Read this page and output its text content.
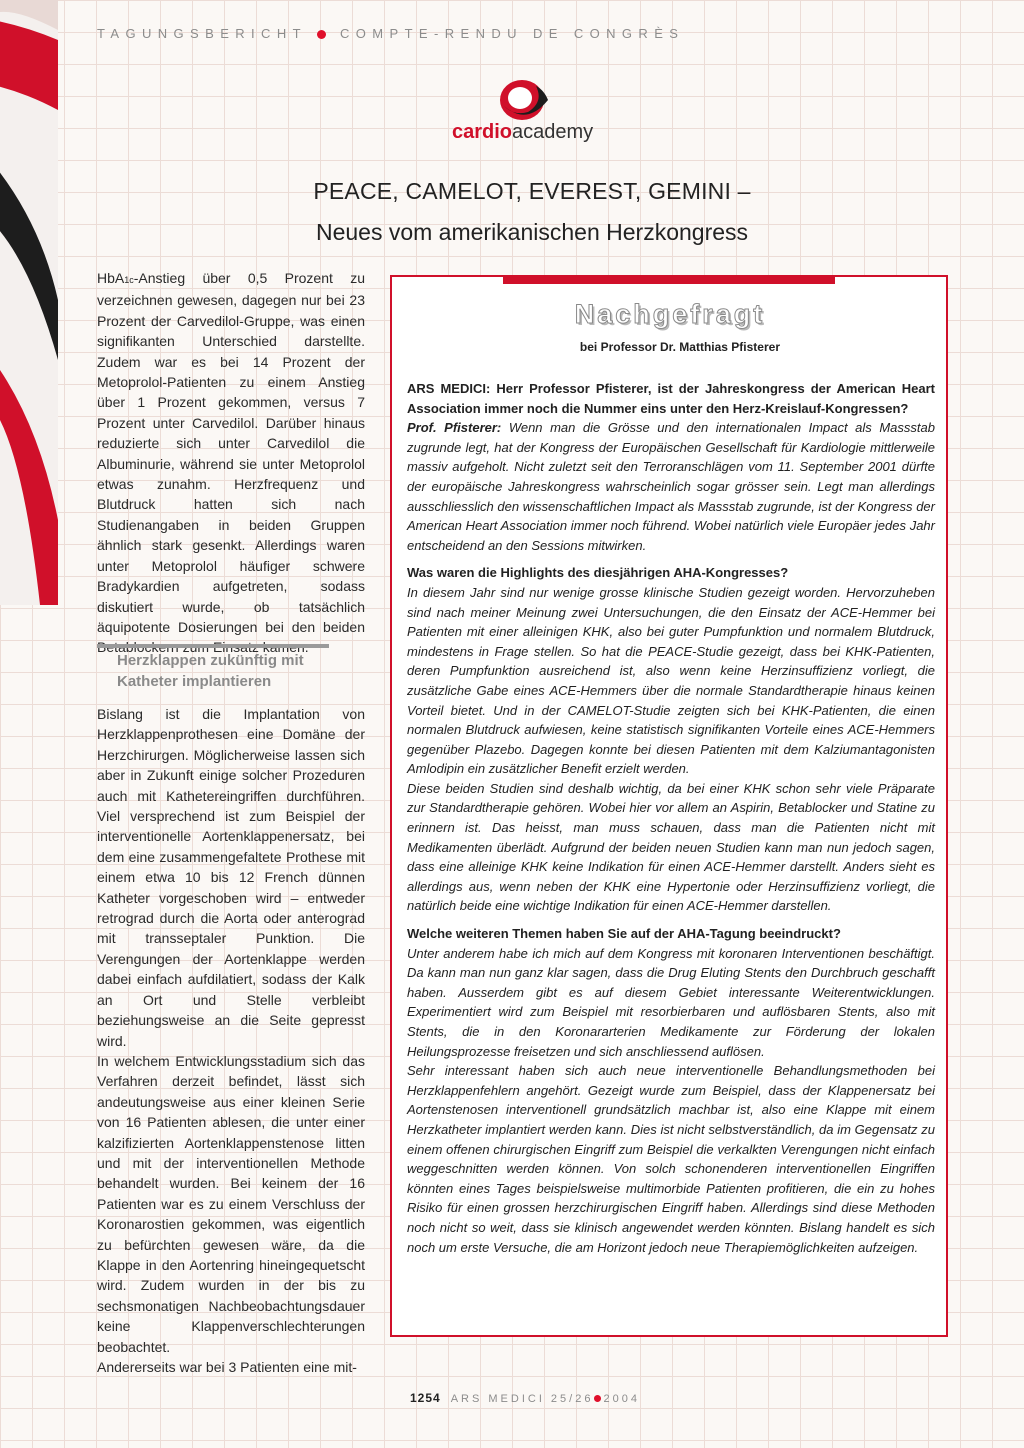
TAGUNGSBERICHT	COMPTE-RENDU DE CONGRÈS
cardioacademy
PEACE, CAMELOT, EVEREST, GEMINI –
Neues vom amerikanischen Herzkongress

HbA1c-Anstieg über 0,5 Prozent zu verzeichnen gewesen, dagegen nur bei 23 Prozent der Carvedilol-Gruppe, was einen signifikanten Unterschied darstellte. Zudem war es bei 14 Prozent der Metoprolol-Patienten zu einem Anstieg über 1 Prozent gekommen, versus 7 Prozent unter Carvedilol. Darüber hinaus reduzierte sich unter Carvedilol die Albuminurie, während sie unter Metoprolol etwas zunahm. Herzfrequenz und Blutdruck hatten sich nach Studienangaben in beiden Gruppen ähnlich stark gesenkt. Allerdings waren unter Metoprolol häufiger schwere Bradykardien aufgetreten, sodass diskutiert wurde, ob tatsächlich äquipotente Dosierungen bei den beiden

Herzklappen zukünftig mit Katheter implantieren

Bislang ist die Implantation von Herzklappenprothesen eine Domäne der Herzchirurgen. Möglicherweise lassen sich aber in Zukunft einige solcher Prozeduren auch mit Kathetereingriffen durchführen. Viel versprechend ist zum Beispiel der interventionelle Aortenklappenersatz, bei dem eine zusammengefaltete Prothese mit einem etwa 10 bis 12 French dünnen Katheter vorgeschoben wird – entweder retrograd durch die Aorta oder anterograd mit transseptaler Punktion. Die Verengungen der Aortenklappe werden dabei einfach aufdilatiert, sodass der Kalk an Ort und Stelle verbleibt beziehungsweise an die Seite gepresst wird.

In welchem Entwicklungsstadium sich das Verfahren derzeit befindet, lässt sich andeutungsweise aus einer kleinen Serie von 16 Patienten ablesen, die unter einer kalzifizierten Aortenklappenstenose litten und mit der interventionellen Methode behandelt wurden. Bei keinem der 16 Patienten war es zu einem Verschluss der Koronarostien gekommen, was eigentlich zu befürchten gewesen wäre, da die Klappe in den Aortenring hineingequetscht wird. Zudem wurden in der bis zu sechsmonatigen Nachbeobachtungsdauer keine Klappenverschlechterungen beobachtet.

Andererseits war bei 3 Patienten eine mit-

Nachgefragt
bei Professor Dr. Matthias Pfisterer

ARS MEDICI: Herr Professor Pfisterer, ist der Jahreskongress der American Heart Association immer noch die Nummer eins unter den Herz-Kreislauf-Kongressen?

Prof. Pfisterer: Wenn man die Grösse und den internationalen Impact als Massstab zugrunde legt, hat der Kongress der Europäischen Gesellschaft für Kardiologie mittlerweile massiv aufgeholt. Nicht zuletzt seit den Terroranschlägen vom 11. September 2001 dürfte der europäische Jahreskongress wahrscheinlich sogar grösser sein. Legt man allerdings ausschliesslich den wissenschaftlichen Impact als Massstab zugrunde, ist der Kongress der American Heart Association immer noch führend. Wobei natürlich viele Europäer jedes Jahr entscheidend an den Sessions mitwirken.

Was waren die Highlights des diesjährigen AHA-Kongresses?

In diesem Jahr sind nur wenige grosse klinische Studien gezeigt worden. Hervorzuheben sind nach meiner Meinung zwei Untersuchungen, die den Einsatz der ACE-Hemmer bei Patienten mit einer alleinigen KHK, also bei guter Pumpfunktion und normalem Blutdruck, mindestens in Frage stellen. So hat die PEACE-Studie gezeigt, dass bei KHK-Patienten, deren Pumpfunktion ausreichend ist, also wenn keine Herzinsuffizienz vorliegt, die zusätzliche Gabe eines ACE-Hemmers über die normale Standardtherapie hinaus keinen Vorteil bietet. Und in der CAMELOT-Studie zeigten sich bei KHK-Patienten, die einen normalen Blutdruck aufwiesen, keine statistisch signifikanten Vorteile eines ACE-Hemmers gegenüber Plazebo. Dagegen konnte bei diesen Patienten mit dem Kalziumantagonisten Amlodipin ein zusätzlicher Benefit erzielt werden.

Diese beiden Studien sind deshalb wichtig, da bei einer KHK schon sehr viele Präparate zur Standardtherapie gehören. Wobei hier vor allem an Aspirin, Betablocker und Statine zu erinnern ist. Das heisst, man muss schauen, dass man die Patienten nicht mit Medikamenten überlädt. Aufgrund der beiden neuen Studien kann man nun jedoch sagen, dass eine alleinige KHK keine Indikation für einen ACE-Hemmer darstellt. Anders sieht es allerdings aus, wenn neben der KHK eine Hypertonie oder Herzinsuffizienz vorliegt, die natürlich beide eine wichtige Indikation für einen ACE-Hemmer darstellen.

Welche weiteren Themen haben Sie auf der AHA-Tagung beeindruckt?

Unter anderem habe ich mich auf dem Kongress mit koronaren Interventionen beschäftigt. Da kann man nun ganz klar sagen, dass die Drug Eluting Stents den Durchbruch geschafft haben. Ausserdem gibt es auf diesem Gebiet interessante Weiterentwicklungen. Experimentiert wird zum Beispiel mit resorbierbaren und auflösbaren Stents, also mit Stents, die in den Koronararterien Medikamente zur Förderung der lokalen Heilungsprozesse freisetzen und sich anschliessend auflösen.

Sehr interessant haben sich auch neue interventionelle Behandlungsmethoden bei Herzklappenfehlern angehört. Gezeigt wurde zum Beispiel, dass der Klappenersatz bei Aortenstenosen interventionell grundsätzlich machbar ist, also eine Klappe mit einem Herzkatheter implantiert werden kann. Dies ist nicht selbstverständlich, da im Gegensatz zu einem offenen chirurgischen Eingriff zum Beispiel die verkalkten Verengungen nicht einfach weggeschnitten werden können. Von solch schonenderen interventionellen Eingriffen könnten eines Tages beispielsweise multimorbide Patienten profitieren, die ein zu hohes Risiko für einen grossen herzchirurgischen Eingriff haben. Allerdings sind diese Methoden noch nicht so weit, dass sie klinisch angewendet werden könnten. Bislang handelt es sich noch um erste Versuche, die am Horizont jedoch neue Therapiemöglichkeiten aufzeigen.

1254 ARS MEDICI 25/26 2004
